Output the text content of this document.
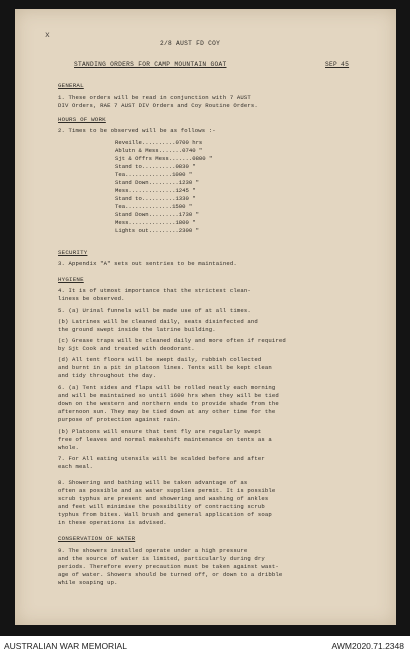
x
2/8 AUST FD COY
STANDING ORDERS FOR CAMP MOUNTAIN GOAT	SEP 45
GENERAL
1. These orders will be read in conjunction with 7 AUST
DIV Orders, RAE 7 AUST DIV Orders and Coy Routine Orders.
HOURS OF WORK
2. Times to be observed will be as follows :-
Reveille..........0700 hrs
Ablutn & Mess.......0740 "
Sjt & Offrs Mess.......0800 "
Stand to..........0830 "
Tea..............1000 "
Stand Down.........1230 "
Mess..............1245 "
Stand to..........1330 "
Tea..............1500 "
Stand Down.........1730 "
Mess..............1800 "
Lights out.........2300 "
SECURITY
3. Appendix "A" sets out sentries to be maintained.
HYGIENE
4. It is of utmost importance that the strictest clean-
liness be observed.
5. (a) Urinal funnels will be made use of at all times.
(b) Latrines will be cleaned daily, seats disinfected and
the ground swept inside the latrine building.
(c) Grease traps will be cleaned daily and more often if required
by Sjt Cook and treated with deodorant.
(d) All tent floors will be swept daily, rubbish collected
and burnt in a pit in platoon lines. Tents will be kept clean
and tidy throughout the day.
6. (a) Tent sides and flaps will be rolled neatly each morning
and will be maintained so until 1600 hrs when they will be tied
down on the western and northern ends to provide shade from the
afternoon sun. They may be tied down at any other time for the
purpose of protection against rain.
(b) Platoons will ensure that tent fly are regularly swept
free of leaves and normal makeshift maintenance on tents as a
whole.
7. For All eating utensils will be scalded before and after
each meal.
8. Showering and bathing will be taken advantage of as
often as possible and as water supplies permit. It is possible
scrub typhus are present and showering and washing of ankles
and feet will minimise the possibility of contracting scrub
typhus from bites. Wall brush and general application of soap
in these operations is advised.
CONSERVATION OF WATER
9. The showers installed operate under a high pressure
and the source of water is limited, particularly during dry
periods. Therefore every precaution must be taken against wast-
age of water. Showers should be turned off, or down to a dribble
while soaping up.
AUSTRALIAN WAR MEMORIAL	AWM2020.71.2348
